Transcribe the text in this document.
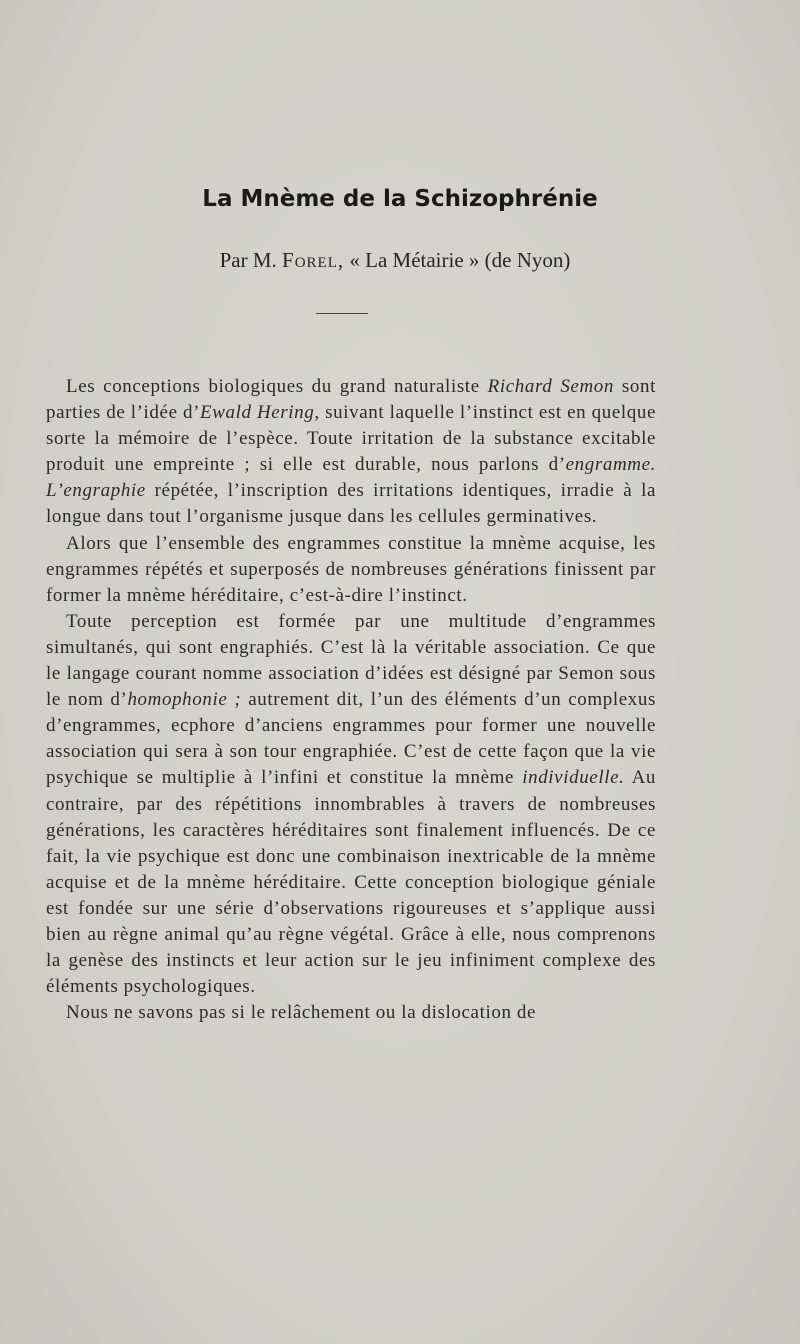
La Mnème de la Schizophrénie
Par M. Forel, « La Métairie » (de Nyon)

Les conceptions biologiques du grand naturaliste Richard Semon sont parties de l’idée d’Ewald Hering, suivant laquelle l’instinct est en quelque sorte la mémoire de l’espèce. Toute irritation de la substance excitable produit une empreinte ; si elle est durable, nous parlons d’engramme. L’engraphie répétée, l’inscription des irritations identiques, irradie à la longue dans tout l’organisme jusque dans les cellules germinatives.

Alors que l’ensemble des engrammes constitue la mnème acquise, les engrammes répétés et superposés de nombreuses générations finissent par former la mnème héréditaire, c’est-à-dire l’instinct.

Toute perception est formée par une multitude d’engrammes simultanés, qui sont engraphiés. C’est là la véritable association. Ce que le langage courant nomme association d’idées est désigné par Semon sous le nom d’homophonie ; autrement dit, l’un des éléments d’un complexus d’engrammes, ecphore d’anciens engrammes pour former une nouvelle association qui sera à son tour engraphiée. C’est de cette façon que la vie psychique se multiplie à l’infini et constitue la mnème individuelle. Au contraire, par des répétitions innombrables à travers de nombreuses générations, les caractères héréditaires sont finalement influencés. De ce fait, la vie psychique est donc une combinaison inextricable de la mnème acquise et de la mnème héréditaire. Cette conception biologique géniale est fondée sur une série d’observations rigoureuses et s’applique aussi bien au règne animal qu’au règne végétal. Grâce à elle, nous comprenons la genèse des instincts et leur action sur le jeu infiniment complexe des éléments psychologiques.

Nous ne savons pas si le relâchement ou la dislocation de
